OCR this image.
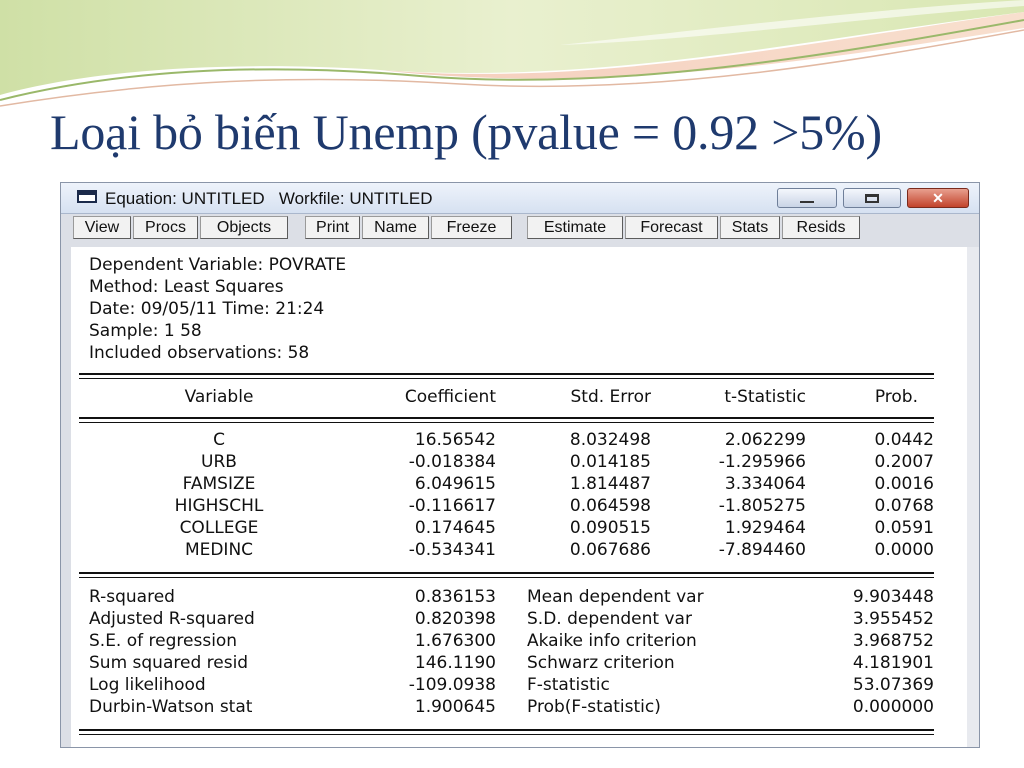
Loại bỏ biến Unemp (pvalue = 0.92 >5%)
Equation: UNTITLED   Workfile: UNTITLED	✕
View	Procs	Objects	Print	Name	Freeze	Estimate	Forecast	Stats	Resids
Dependent Variable: POVRATE
Method: Least Squares
Date: 09/05/11 Time: 21:24
Sample: 1 58
Included observations: 58
Variable	Coefficient	Std. Error	t-Statistic	Prob.
C	16.56542	8.032498	2.062299	0.0442
URB	-0.018384	0.014185	-1.295966	0.2007
FAMSIZE	6.049615	1.814487	3.334064	0.0016
HIGHSCHL	-0.116617	0.064598	-1.805275	0.0768
COLLEGE	0.174645	0.090515	1.929464	0.0591
MEDINC	-0.534341	0.067686	-7.894460	0.0000
R-squared	0.836153 Mean dependent var	9.903448
Adjusted R-squared	0.820398 S.D. dependent var	3.955452
S.E. of regression	1.676300 Akaike info criterion	3.968752
Sum squared resid	146.1190 Schwarz criterion	4.181901
Log likelihood	-109.0938 F-statistic	53.07369
Durbin-Watson stat	1.900645 Prob(F-statistic)	0.000000
